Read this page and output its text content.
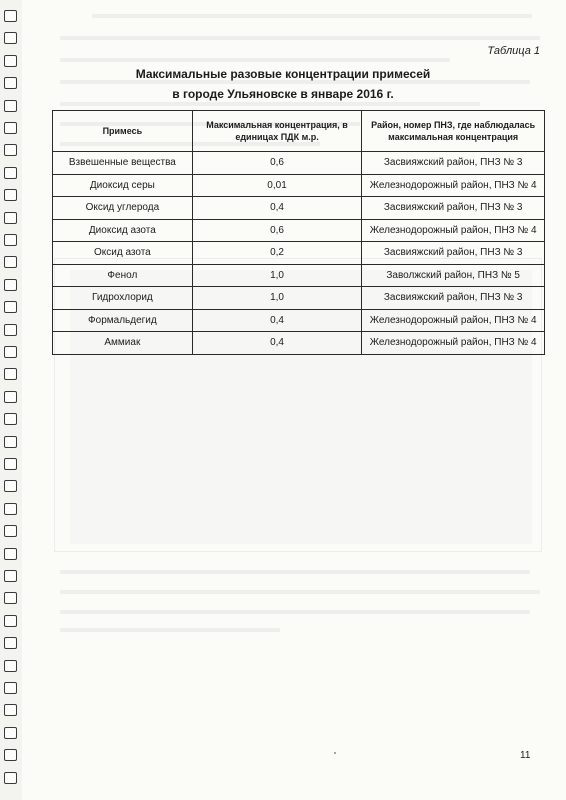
Таблица 1
Максимальные разовые концентрации примесей
в городе Ульяновске в январе 2016 г.
Примесь	Максимальная концентрация, в единицах ПДК м.р.	Район, номер ПНЗ, где наблюдалась максимальная концентрация
Взвешенные вещества	0,6	Засвияжский район, ПНЗ № 3
Диоксид серы	0,01	Железнодорожный район, ПНЗ № 4
Оксид углерода	0,4	Засвияжский район, ПНЗ № 3
Диоксид азота	0,6	Железнодорожный район, ПНЗ № 4
Оксид азота	0,2	Засвияжский район, ПНЗ № 3
Фенол	1,0	Заволжский район, ПНЗ № 5
Гидрохлорид	1,0	Засвияжский район, ПНЗ № 3
Формальдегид	0,4	Железнодорожный район, ПНЗ № 4
Аммиак	0,4	Железнодорожный район, ПНЗ № 4
11
